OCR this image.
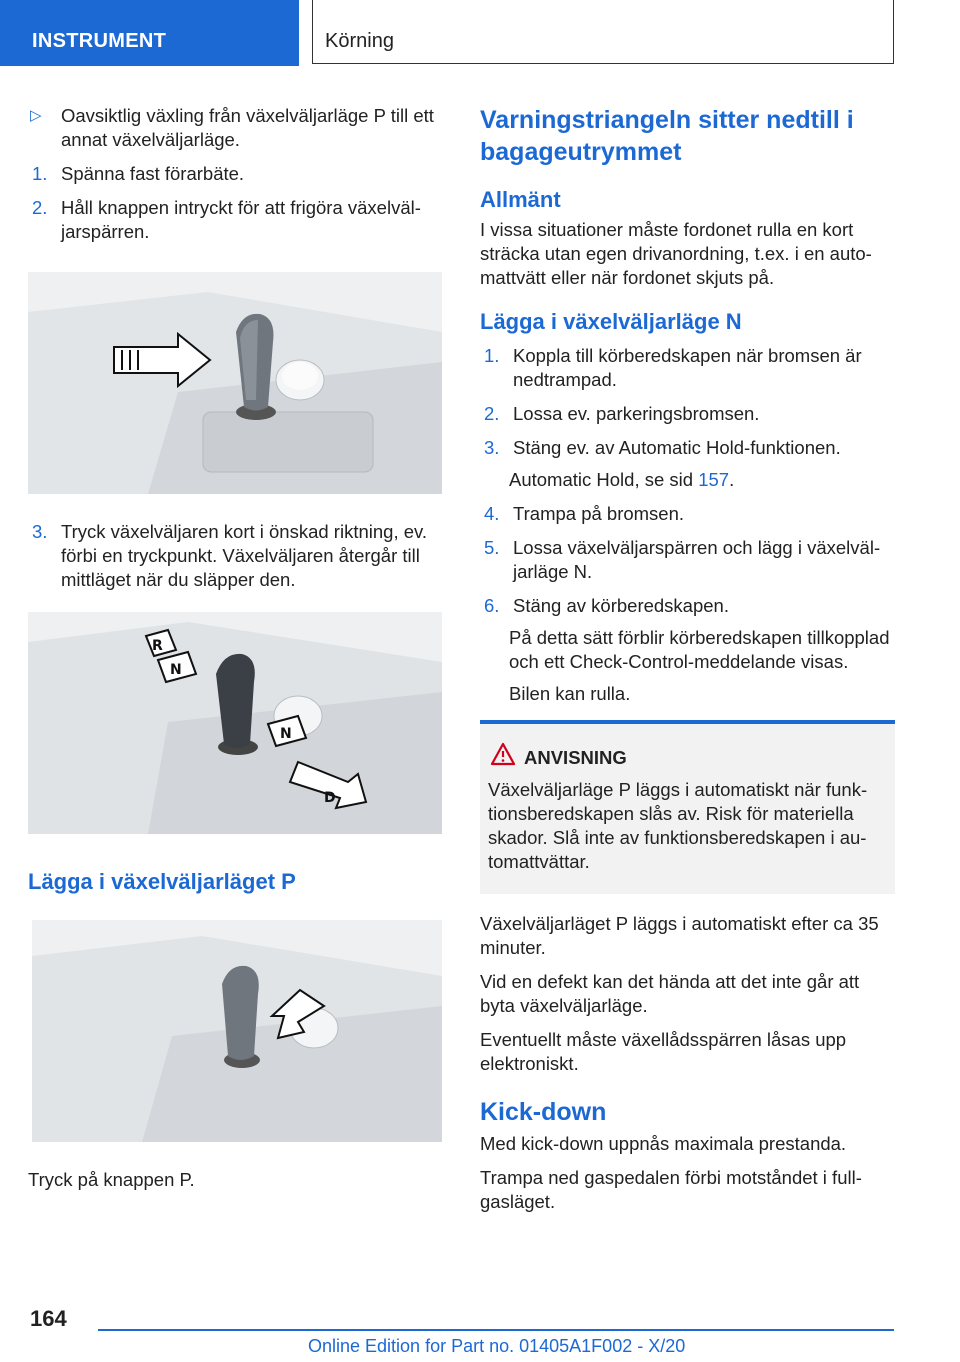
INSTRUMENT	Körning
▷ Oavsiktlig växling från växelväljarläge P till ett annat växelväljarläge.
1. Spänna fast förarbäte.
2. Håll knappen intryckt för att frigöra växelväljarspärren.
3. Tryck växelväljaren kort i önskad riktning, ev. förbi en tryckpunkt. Växelväljaren återgår till mittläget när du släpper den.
R
N
N
D
Lägga i växelväljarläget P
Tryck på knappen P.
Varningstriangeln sitter nedtill i bagageutrymmet
Allmänt
I vissa situationer måste fordonet rulla en kort sträcka utan egen drivanordning, t.ex. i en automattvätt eller när fordonet skjuts på.
Lägga i växelväljarläge N
1. Koppla till körberedskapen när bromsen är nedtrampad.
2. Lossa ev. parkeringsbromsen.
3. Stäng ev. av Automatic Hold-funktionen.
Automatic Hold, se sid 157.
4. Trampa på bromsen.
5. Lossa växelväljarspärren och lägg i växelväljarläge N.
6. Stäng av körberedskapen.
På detta sätt förblir körberedskapen tillkopplad och ett Check-Control-meddelande visas.
Bilen kan rulla.
ANVISNING
Växelväljarläge P läggs i automatiskt när funktionsberedskapen slås av. Risk för materiella skador. Slå inte av funktionsberedskapen i automattvättar.
Växelväljarläget P läggs i automatiskt efter ca 35 minuter.
Vid en defekt kan det hända att det inte går att byta växelväljarläge.
Eventuellt måste växellådsspärren låsas upp elektroniskt.
Kick-down
Med kick-down uppnås maximala prestanda.
Trampa ned gaspedalen förbi motståndet i fullgasläget.
164
Online Edition for Part no. 01405A1F002 - X/20
